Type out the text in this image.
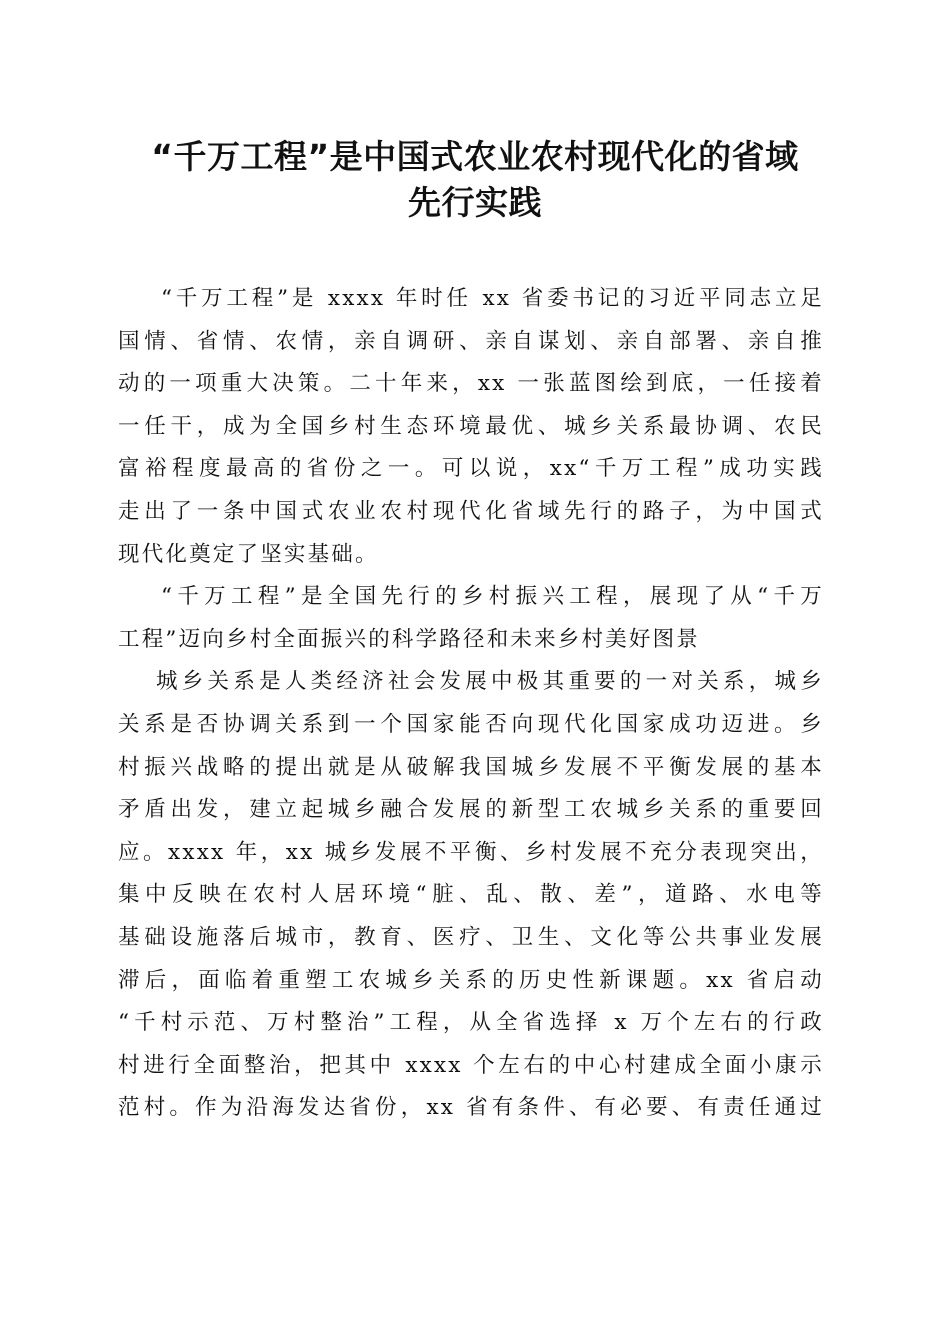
“千万工程”是中国式农业农村现代化的省域
先行实践

“千万工程”是 xxxx 年时任 xx 省委书记的习近平同志立足
国情、省情、农情，亲自调研、亲自谋划、亲自部署、亲自推
动的一项重大决策。二十年来，xx 一张蓝图绘到底，一任接着
一任干，成为全国乡村生态环境最优、城乡关系最协调、农民
富裕程度最高的省份之一。可以说，xx“千万工程”成功实践
走出了一条中国式农业农村现代化省域先行的路子，为中国式
现代化奠定了坚实基础。

“千万工程”是全国先行的乡村振兴工程，展现了从“千万
工程”迈向乡村全面振兴的科学路径和未来乡村美好图景

城乡关系是人类经济社会发展中极其重要的一对关系，城乡
关系是否协调关系到一个国家能否向现代化国家成功迈进。乡
村振兴战略的提出就是从破解我国城乡发展不平衡发展的基本
矛盾出发，建立起城乡融合发展的新型工农城乡关系的重要回
应。xxxx 年，xx 城乡发展不平衡、乡村发展不充分表现突出，
集中反映在农村人居环境“脏、乱、散、差”，道路、水电等
基础设施落后城市，教育、医疗、卫生、文化等公共事业发展
滞后，面临着重塑工农城乡关系的历史性新课题。xx 省启动
“千村示范、万村整治”工程，从全省选择 x 万个左右的行政
村进行全面整治，把其中 xxxx 个左右的中心村建成全面小康示
范村。作为沿海发达省份，xx 省有条件、有必要、有责任通过
